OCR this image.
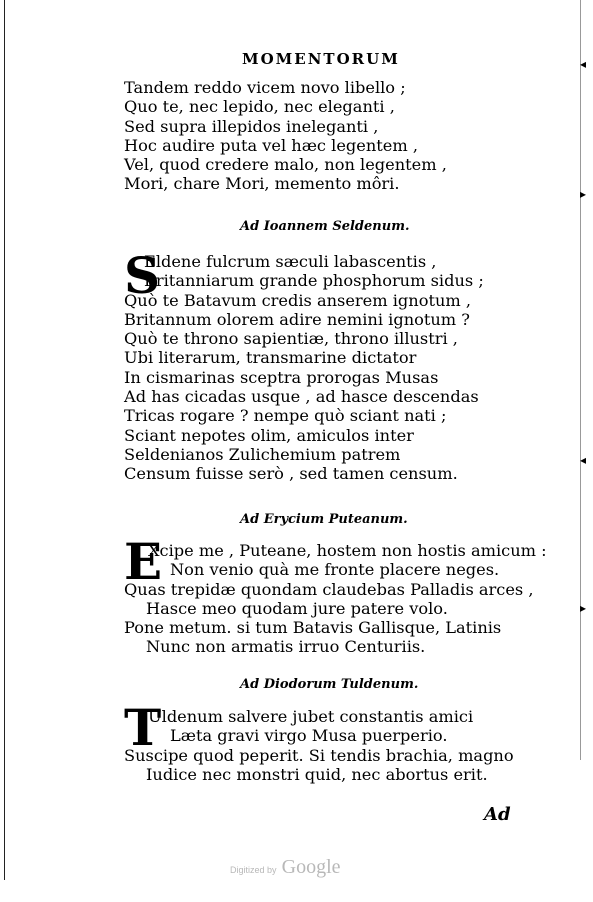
◂
▸
◂
▸
MOMENTORUM
Tandem reddo vicem novo libello ;
Quo te, nec lepido, nec eleganti ,
Sed supra illepidos ineleganti ,
Hoc audire puta vel hæc legentem ,
Vel, quod credere malo, non legentem ,
Mori, chare Mori, memento môri.
Ad Ioannem Seldenum.
S
Eldene fulcrum sæculi labascentis ,
Britanniarum grande phosphorum sidus ;
Quò te Batavum credis anserem ignotum ,
Britannum olorem adire nemini ignotum ?
Quò te throno sapientiæ, throno illustri ,
Ubi literarum, transmarine dictator
In cismarinas sceptra prorogas Musas
Ad has cicadas usque , ad hasce descendas
Tricas rogare ? nempe quò sciant nati ;
Sciant nepotes olim, amiculos inter
Seldenianos Zulichemium patrem
Censum fuisse serò , sed tamen censum.
Ad Erycium Puteanum.
E
Xcipe me , Puteane, hostem non hostis amicum :
Non venio quà me fronte placere neges.
Quas trepidæ quondam claudebas Palladis arces ,
Hasce meo quodam jure patere volo.
Pone metum. si tum Batavis Gallisque, Latinis
Nunc non armatis irruo Centuriis.
Ad Diodorum Tuldenum.
T
Uldenum salvere jubet constantis amici
Læta gravi virgo Musa puerperio.
Suscipe quod peperit. Si tendis brachia, magno
Iudice nec monstri quid, nec abortus erit.
Ad
Digitized by Google
